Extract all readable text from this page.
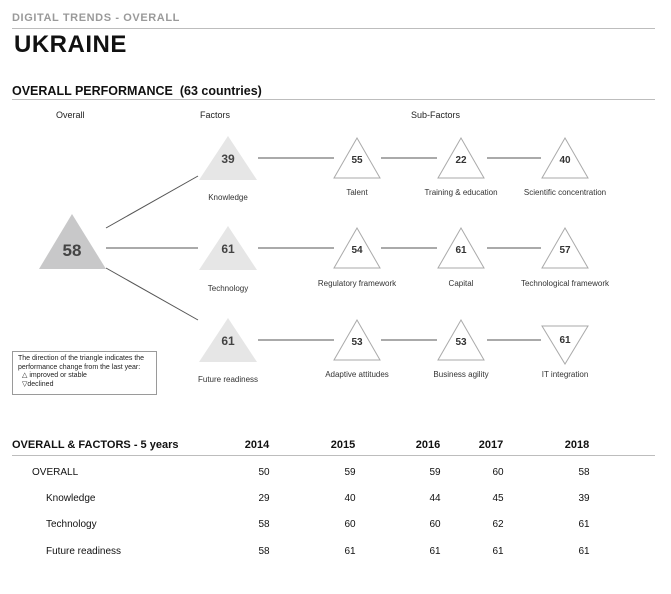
DIGITAL TRENDS - OVERALL
UKRAINE
OVERALL PERFORMANCE (63 countries)
Overall	Factors	Sub-Factors
58
39
61
61
55	22	40
54	61	57
53	53	61
Knowledge
Technology
Future readiness
Talent	Training & education	Scientific concentration
Regulatory framework	Capital	Technological framework
Adaptive attitudes	Business agility	IT integration
The direction of the triangle indicates the
performance change from the last year:
△ improved or stable
▽declined
OVERALL & FACTORS - 5 years	2014	2015	2016	2017	2018
OVERALL	50	59	59	60	58
Knowledge	29	40	44	45	39
Technology	58	60	60	62	61
Future readiness	58	61	61	61	61
